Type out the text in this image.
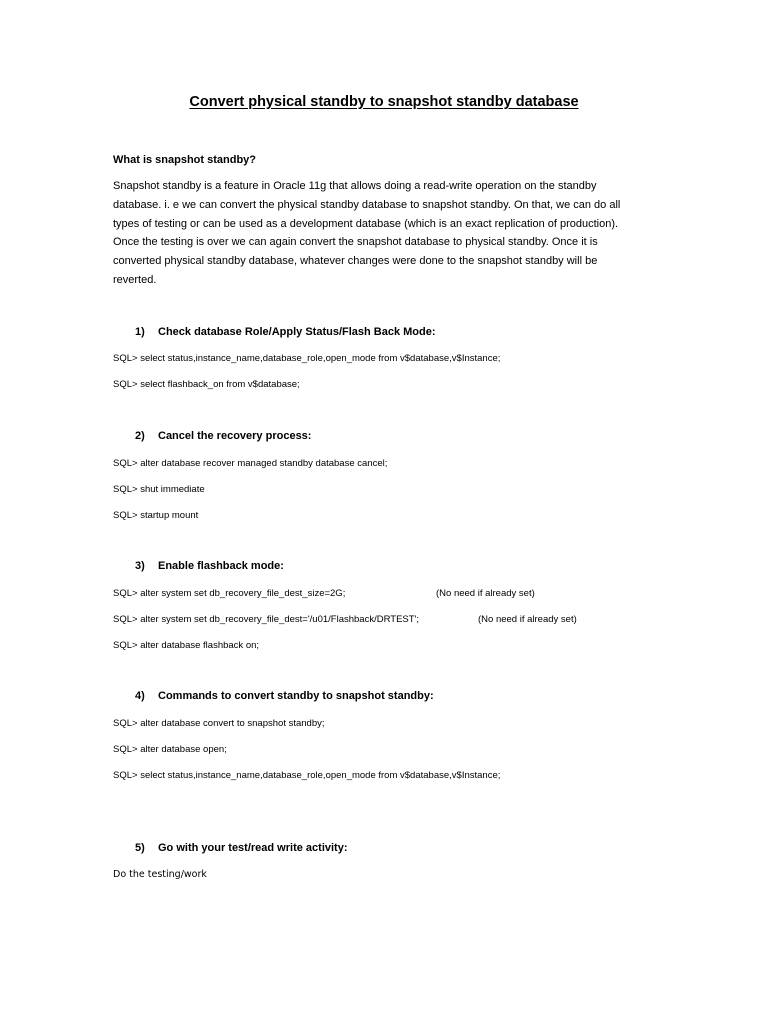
Convert physical standby to snapshot standby database
What is snapshot standby?
Snapshot standby is a feature in Oracle 11g that allows doing a read-write operation on the standby
database. i. e we can convert the physical standby database to snapshot standby. On that, we can do all
types of testing or can be used as a development database (which is an exact replication of production).
Once the testing is over we can again convert the snapshot database to physical standby. Once it is
converted physical standby database, whatever changes were done to the snapshot standby will be
reverted.
1) Check database Role/Apply Status/Flash Back Mode:
SQL> select status,instance_name,database_role,open_mode from v$database,v$Instance;
SQL> select flashback_on from v$database;
2) Cancel the recovery process:
SQL> alter database recover managed standby database cancel;
SQL> shut immediate
SQL> startup mount
3) Enable flashback mode:
SQL> alter system set db_recovery_file_dest_size=2G;	(No need if already set)
SQL> alter system set db_recovery_file_dest='/u01/Flashback/DRTEST';	(No need if already set)
SQL> alter database flashback on;
4) Commands to convert standby to snapshot standby:
SQL> alter database convert to snapshot standby;
SQL> alter database open;
SQL> select status,instance_name,database_role,open_mode from v$database,v$Instance;
5) Go with your test/read write activity:
Do the testing/work
